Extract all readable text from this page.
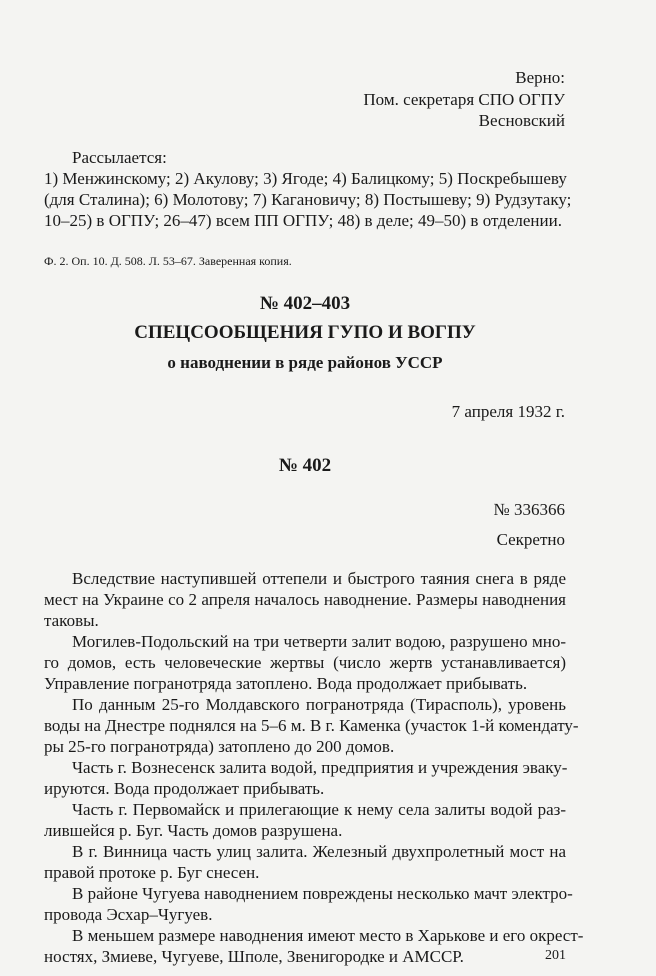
Верно:
Пом. секретаря СПО ОГПУ
Весновский
Рассылается:
1) Менжинскому; 2) Акулову; 3) Ягоде; 4) Балицкому; 5) Поскребышеву
(для Сталина); 6) Молотову; 7) Кагановичу; 8) Постышеву; 9) Рудзутаку;
10–25) в ОГПУ; 26–47) всем ПП ОГПУ; 48) в деле; 49–50) в отделении.
Ф. 2. Оп. 10. Д. 508. Л. 53–67. Заверенная копия.
№ 402–403
СПЕЦСООБЩЕНИЯ ГУПО И ВОГПУ
о наводнении в ряде районов УССР
7 апреля 1932 г.
№ 402
№ 336366
Секретно
Вследствие наступившей оттепели и быстрого таяния снега в ряде
мест на Украине со 2 апреля началось наводнение. Размеры наводнения
таковы.
Могилев-Подольский на три четверти залит водою, разрушено мно-
го домов, есть человеческие жертвы (число жертв устанавливается)
Управление погранотряда затоплено. Вода продолжает прибывать.
По данным 25-го Молдавского погранотряда (Тирасполь), уровень
воды на Днестре поднялся на 5–6 м. В г. Каменка (участок 1-й комендату-
ры 25-го погранотряда) затоплено до 200 домов.
Часть г. Вознесенск залита водой, предприятия и учреждения эваку-
ируются. Вода продолжает прибывать.
Часть г. Первомайск и прилегающие к нему села залиты водой раз-
лившейся р. Буг. Часть домов разрушена.
В г. Винница часть улиц залита. Железный двухпролетный мост на
правой протоке р. Буг снесен.
В районе Чугуева наводнением повреждены несколько мачт электро-
провода Эсхар–Чугуев.
В меньшем размере наводнения имеют место в Харькове и его окрест-
ностях, Змиеве, Чугуеве, Шполе, Звенигородке и АМССР.	201
